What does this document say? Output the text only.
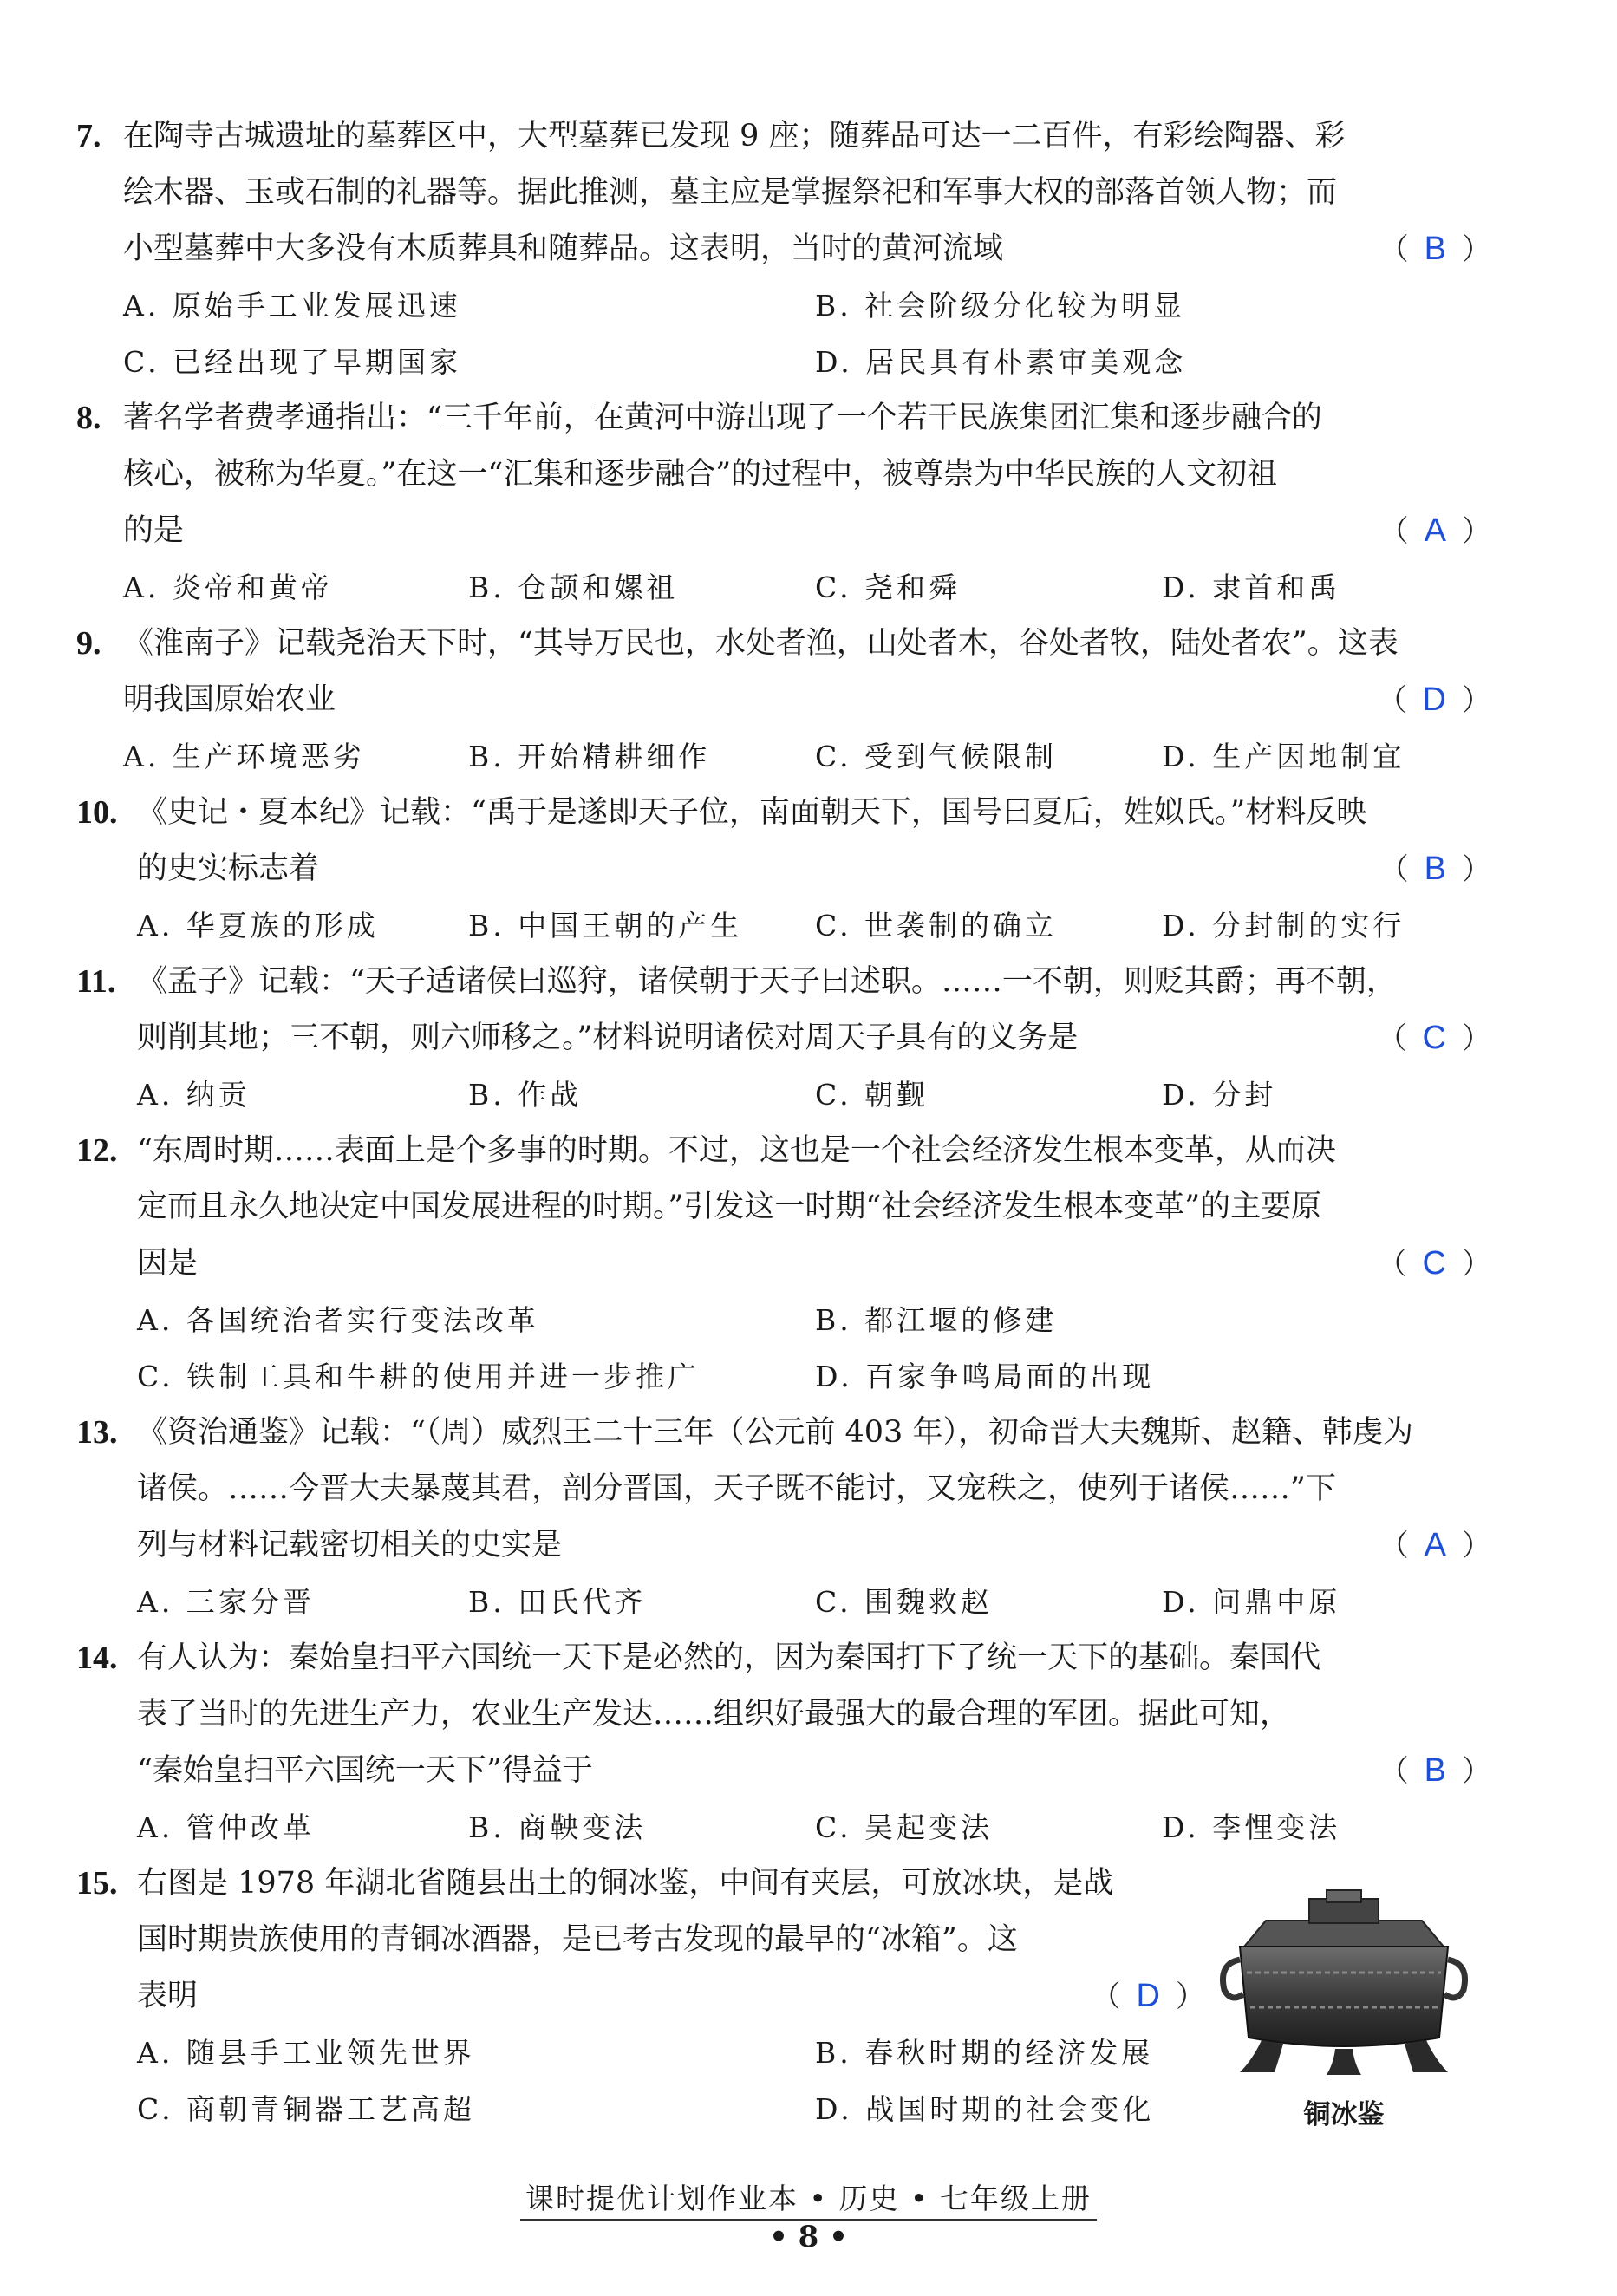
7. 在陶寺古城遗址的墓葬区中，大型墓葬已发现 9 座；随葬品可达一二百件，有彩绘陶器、彩
绘木器、玉或石制的礼器等。据此推测，墓主应是掌握祭祀和军事大权的部落首领人物；而
小型墓葬中大多没有木质葬具和随葬品。这表明，当时的黄河流域	（ B ）
A. 原始手工业发展迅速	B. 社会阶级分化较为明显
C. 已经出现了早期国家	D. 居民具有朴素审美观念
8. 著名学者费孝通指出：“三千年前，在黄河中游出现了一个若干民族集团汇集和逐步融合的
核心，被称为华夏。”在这一“汇集和逐步融合”的过程中，被尊崇为中华民族的人文初祖
的是	（ A ）
A. 炎帝和黄帝	B. 仓颉和嫘祖	C. 尧和舜	D. 隶首和禹
9. 《淮南子》记载尧治天下时，“其导万民也，水处者渔，山处者木，谷处者牧，陆处者农”。这表
明我国原始农业	（ D ）
A. 生产环境恶劣	B. 开始精耕细作	C. 受到气候限制	D. 生产因地制宜
10. 《史记・夏本纪》记载：“禹于是遂即天子位，南面朝天下，国号曰夏后，姓姒氏。”材料反映
的史实标志着	（ B ）
A. 华夏族的形成	B. 中国王朝的产生	C. 世袭制的确立	D. 分封制的实行
11. 《孟子》记载：“天子适诸侯曰巡狩，诸侯朝于天子曰述职。……一不朝，则贬其爵；再不朝，
则削其地；三不朝，则六师移之。”材料说明诸侯对周天子具有的义务是	（ C ）
A. 纳贡	B. 作战	C. 朝觐	D. 分封
12. “东周时期……表面上是个多事的时期。不过，这也是一个社会经济发生根本变革，从而决
定而且永久地决定中国发展进程的时期。”引发这一时期“社会经济发生根本变革”的主要原
因是	（ C ）
A. 各国统治者实行变法改革	B. 都江堰的修建
C. 铁制工具和牛耕的使用并进一步推广	D. 百家争鸣局面的出现
13. 《资治通鉴》记载：“（周）威烈王二十三年（公元前 403 年），初命晋大夫魏斯、赵籍、韩虔为
诸侯。……今晋大夫暴蔑其君，剖分晋国，天子既不能讨，又宠秩之，使列于诸侯……”下
列与材料记载密切相关的史实是	（ A ）
A. 三家分晋	B. 田氏代齐	C. 围魏救赵	D. 问鼎中原
14. 有人认为：秦始皇扫平六国统一天下是必然的，因为秦国打下了统一天下的基础。秦国代
表了当时的先进生产力，农业生产发达……组织好最强大的最合理的军团。据此可知，
“秦始皇扫平六国统一天下”得益于	（ B ）
A. 管仲改革	B. 商鞅变法	C. 吴起变法	D. 李悝变法
15. 右图是 1978 年湖北省随县出土的铜冰鉴，中间有夹层，可放冰块，是战
国时期贵族使用的青铜冰酒器，是已考古发现的最早的“冰箱”。这
表明	（ D ）
A. 随县手工业领先世界	B. 春秋时期的经济发展
C. 商朝青铜器工艺高超	D. 战国时期的社会变化	铜冰鉴
课时提优计划作业本 • 历史 • 七年级上册
• 8 •
